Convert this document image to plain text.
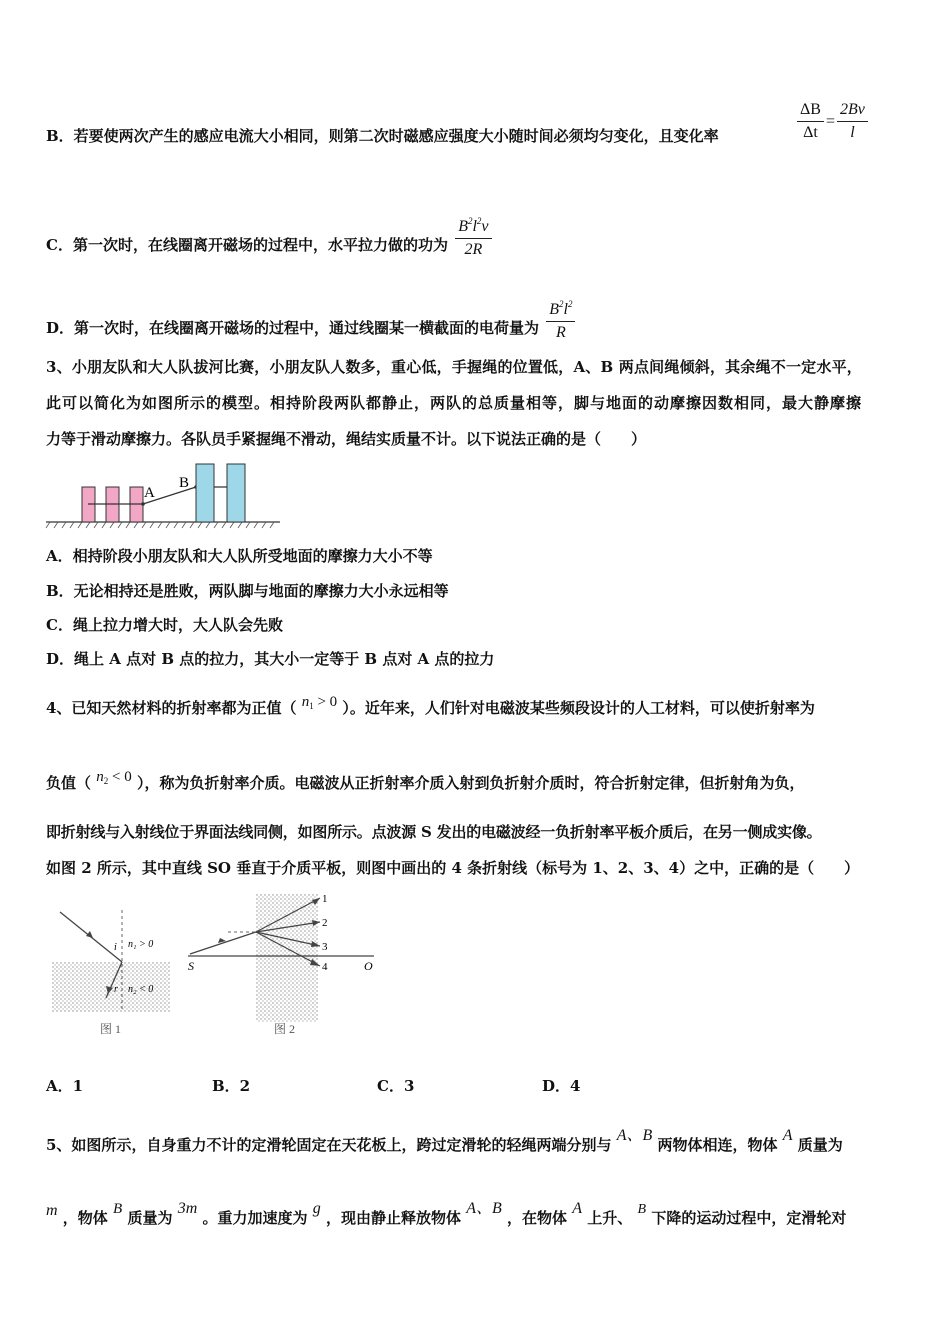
B．若要使两次产生的感应电流大小相同，则第二次时磁感应强度大小随时间必须均匀变化，且变化率	$\frac{\Delta B}{\Delta t} = \frac{2Bv}{l}$
C．第一次时，在线圈离开磁场的过程中，水平拉力做的功为 $\frac{B^2l^2v}{2R}$
D．第一次时，在线圈离开磁场的过程中，通过线圈某一横截面的电荷量为 $\frac{B^2l^2}{R}$
3、小朋友队和大人队拔河比赛，小朋友队人数多，重心低，手握绳的位置低，A、B 两点间绳倾斜，其余绳不一定水平，
此可以简化为如图所示的模型。相持阶段两队都静止，两队的总质量相等，脚与地面的动摩擦因数相同，最大静摩擦
力等于滑动摩擦力。各队员手紧握绳不滑动，绳结实质量不计。以下说法正确的是（　　）
A
B
A．相持阶段小朋友队和大人队所受地面的摩擦力大小不等
B．无论相持还是胜败，两队脚与地面的摩擦力大小永远相等
C．绳上拉力增大时，大人队会先败
D．绳上 A 点对 B 点的拉力，其大小一定等于 B 点对 A 点的拉力
4、已知天然材料的折射率都为正值（ $n_1 > 0$ ）。近年来，人们针对电磁波某些频段设计的人工材料，可以使折射率为
负值（ $n_2 < 0$ ），称为负折射率介质。电磁波从正折射率介质入射到负折射介质时，符合折射定律，但折射角为负，
即折射线与入射线位于界面法线同侧，如图所示。点波源 S 发出的电磁波经一负折射率平板介质后，在另一侧成实像。
如图 2 所示，其中直线 SO 垂直于介质平板，则图中画出的 4 条折射线（标号为 1、2、3、4）之中，正确的是（　　）
i n₁ > 0
r n₂ < 0
图 1
1
2
3
4
S	O
图 2
A．1	B．2	C．3	D．4
5、如图所示，自身重力不计的定滑轮固定在天花板上，跨过定滑轮的轻绳两端分别与 A、B 两物体相连，物体 A 质量为
m ，物体 B 质量为 3m 。重力加速度为 g ，现由静止释放物体 A、B ，在物体 A 上升、 B 下降的运动过程中，定滑轮对
